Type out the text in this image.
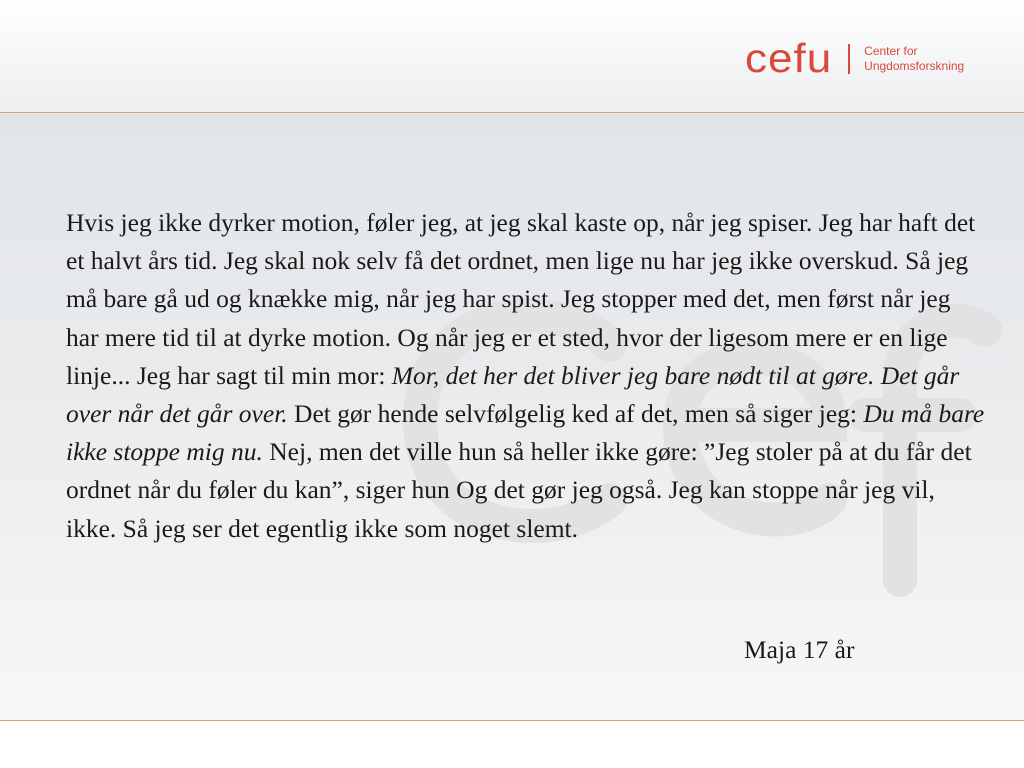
cefu	Center for
Ungdomsforskning

Hvis jeg ikke dyrker motion, føler jeg, at jeg skal kaste op, når jeg spiser. Jeg har haft det et halvt års tid. Jeg skal nok selv få det ordnet, men lige nu har jeg ikke overskud. Så jeg må bare gå ud og knække mig, når jeg har spist. Jeg stopper med det, men først når jeg har mere tid til at dyrke motion. Og når jeg er et sted, hvor der ligesom mere er en lige linje... Jeg har sagt til min mor: Mor, det her det bliver jeg bare nødt til at gøre. Det går over når det går over. Det gør hende selvfølgelig ked af det, men så siger jeg: Du må bare ikke stoppe mig nu. Nej, men det ville hun så heller ikke gøre: ”Jeg stoler på at du får det ordnet når du føler du kan”, siger hun Og det gør jeg også. Jeg kan stoppe når jeg vil, ikke. Så jeg ser det egentlig ikke som noget slemt.

Maja 17 år
